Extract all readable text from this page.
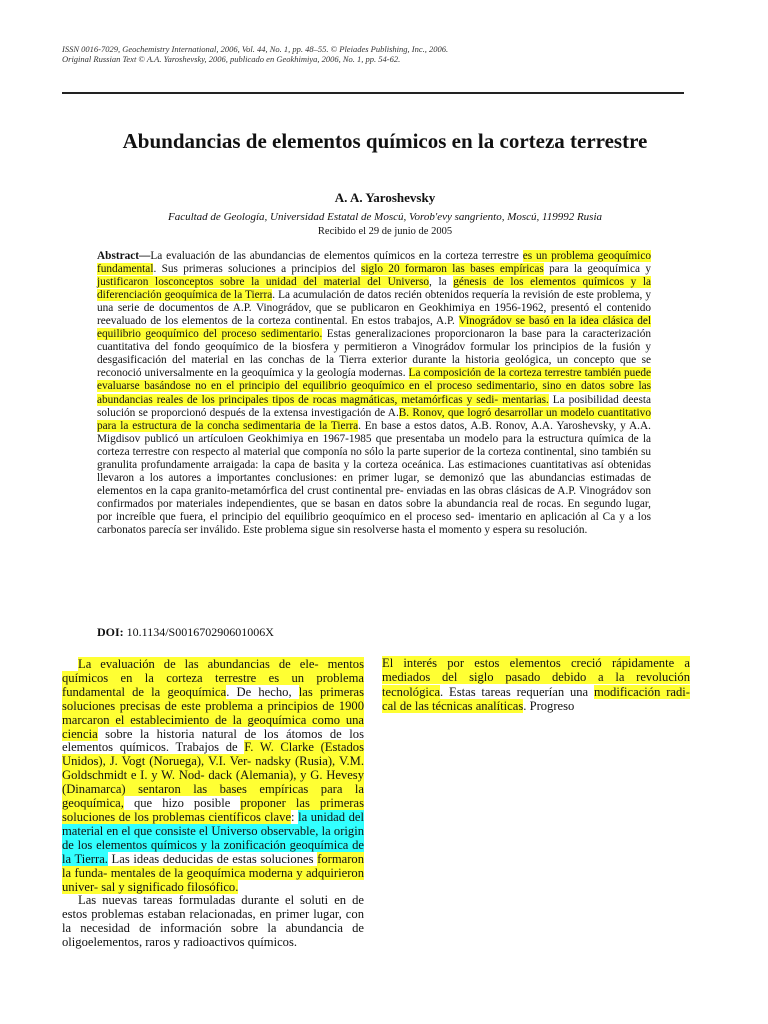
ISSN 0016-7029, Geochemistry International, 2006, Vol. 44, No. 1, pp. 48–55. © Pleiades Publishing, Inc., 2006.
Original Russian Text © A.A. Yaroshevsky, 2006, publicado en Geokhimiya, 2006, No. 1, pp. 54-62.
Abundancias de elementos químicos en la corteza terrestre
A. A. Yaroshevsky
Facultad de Geología, Universidad Estatal de Moscú, Vorob'evy sangriento, Moscú, 119992 Rusia
Recibido el 29 de junio de 2005
Abstract—La evaluación de las abundancias de elementos químicos en la corteza terrestre es un problema geoquímico fundamental. Sus primeras soluciones a principios del siglo 20 formaron las bases empíricas para la geoquímica y justificaron losconceptos sobre la unidad del material del Universo, la génesis de los elementos químicos y la diferenciación geoquímica de la Tierra. La acumulación de datos recién obtenidos requería la revisión de este problema, y una serie de documentos de A.P. Vinográdov, que se publicaron en Geokhimiya en 1956-1962, presentó el contenido reevaluado de los elementos de la corteza continental. En estos trabajos, A.P. Vinográdov se basó en la idea clásica del equilibrio geoquímico del proceso sedimentario. Estas generalizaciones proporcionaron la base para la caracterización cuantitativa del fondo geoquímico de la biosfera y permitieron a Vinográdov formular los principios de la fusión y desgasificación del material en las conchas de la Tierra exterior durante la historia geológica, un concepto que se reconoció universalmente en la geoquímica y la geología modernas. La composición de la corteza terrestre también puede evaluarse basándose no en el principio del equilibrio geoquímico en el proceso sedimentario, sino en datos sobre las abundancias reales de los principales tipos de rocas magmáticas, metamórficas y sedi- mentarias. La posibilidad deesta solución se proporcionó después de la extensa investigación de A.B. Ronov, que logró desarrollar un modelo cuantitativo para la estructura de la concha sedimentaria de la Tierra. En base a estos datos, A.B. Ronov, A.A. Yaroshevsky, y A.A. Migdisov publicó un artículoen Geokhimiya en 1967-1985 que presentaba un modelo para la estructura química de la corteza terrestre con respecto al material que componía no sólo la parte superior de la corteza continental, sino también su granulita profundamente arraigada: la capa de basita y la corteza oceánica. Las estimaciones cuantitativas así obtenidas llevaron a los autores a importantes conclusiones: en primer lugar, se demonizó que las abundancias estimadas de elementos en la capa granito-metamórfica del crust continental pre- enviadas en las obras clásicas de A.P. Vinográdov son confirmados por materiales independientes, que se basan en datos sobre la abundancia real de rocas. En segundo lugar, por increíble que fuera, el principio del equilibrio geoquímico en el proceso sed- imentario en aplicación al Ca y a los carbonatos parecía ser inválido. Este problema sigue sin resolverse hasta el momento y espera su resolución.
DOI: 10.1134/S001670290601006X

La evaluación de las abundancias de ele- mentos químicos en la corteza terrestre es un problema fundamental de la geoquímica. De hecho, las primeras soluciones precisas de este problema a principios de 1900 marcaron el establecimiento de la geoquímica como una ciencia sobre la historia natural de los átomos de los elementos químicos. Trabajos de F. W. Clarke (Estados Unidos), J. Vogt (Noruega), V.I. Ver- nadsky (Rusia), V.M. Goldschmidt e I. y W. Nod- dack (Alemania), y G. Hevesy (Dinamarca) sentaron las bases empíricas para la geoquímica, que hizo posible proponer las primeras soluciones de los problemas científicos clave: la unidad del material en el que consiste el Universo observable, la origin de los elementos químicos y la zonificación geoquímica de la Tierra. Las ideas deducidas de estas soluciones formaron la funda- mentales de la geoquímica moderna y adquirieron univer- sal y significado filosófico.

Las nuevas tareas formuladas durante el soluti en de estos problemas estaban relacionadas, en primer lugar, con la necesidad de información sobre la abundancia de oligoelementos, raros y radioactivos químicos.

El interés por estos elementos creció rápidamente a mediados del siglo pasado debido a la revolución tecnológica. Estas tareas requerían una modificación radi- cal de las técnicas analíticas. Progreso
